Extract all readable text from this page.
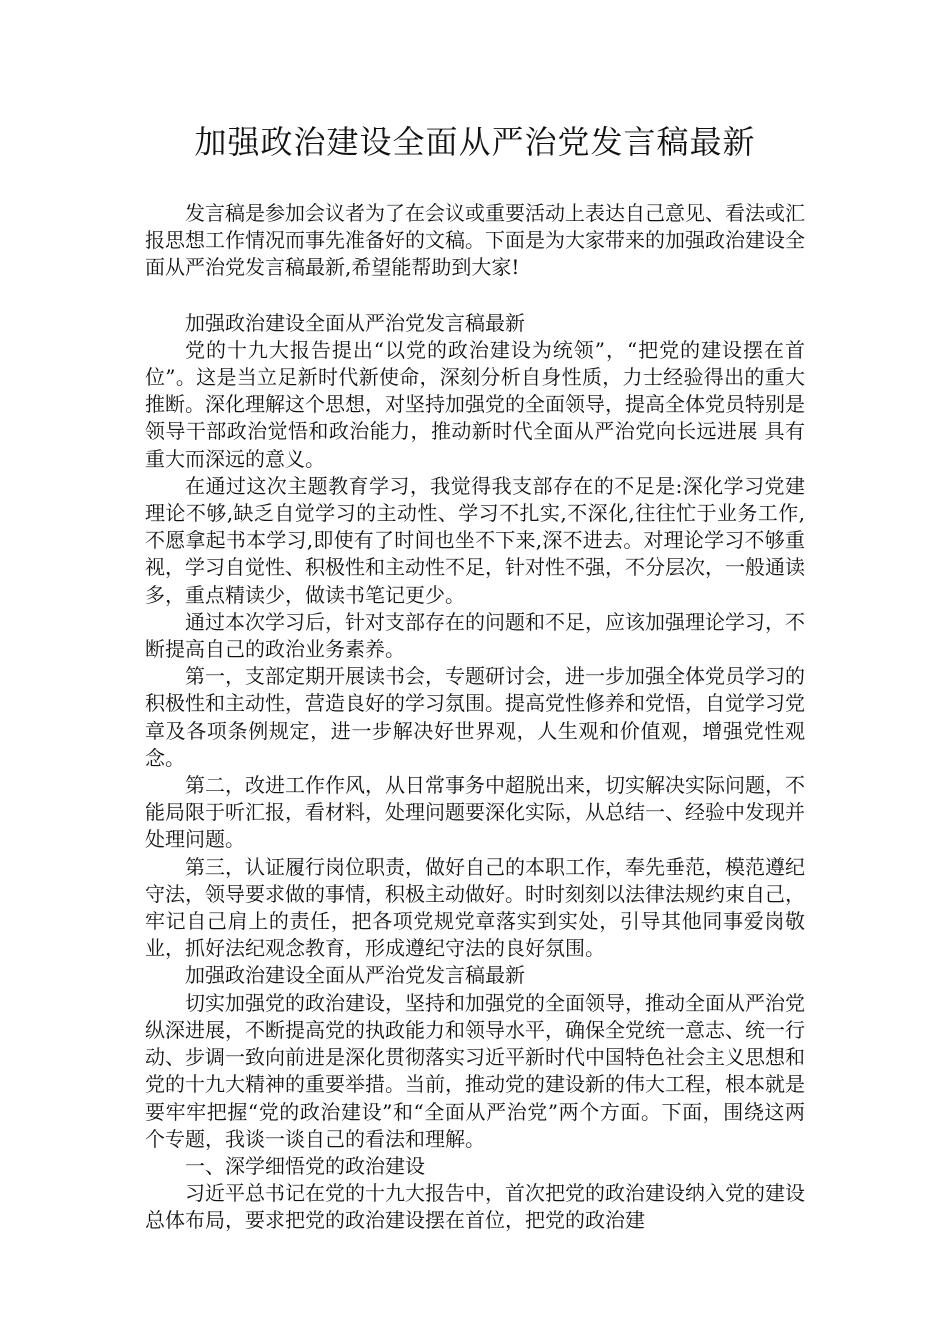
加强政治建设全面从严治党发言稿最新

发言稿是参加会议者为了在会议或重要活动上表达自己意见、看法或汇报思想工作情况而事先准备好的文稿。下面是为大家带来的加强政治建设全面从严治党发言稿最新,希望能帮助到大家!

加强政治建设全面从严治党发言稿最新

党的十九大报告提出“以党的政治建设为统领”，“把党的建设摆在首位”。这是当立足新时代新使命，深刻分析自身性质，力士经验得出的重大推断。深化理解这个思想，对坚持加强党的全面领导，提高全体党员特别是领导干部政治觉悟和政治能力，推动新时代全面从严治党向长远进展 具有重大而深远的意义。

在通过这次主题教育学习，我觉得我支部存在的不足是:深化学习党建理论不够,缺乏自觉学习的主动性、学习不扎实,不深化,往往忙于业务工作,不愿拿起书本学习,即使有了时间也坐不下来,深不进去。对理论学习不够重视，学习自觉性、积极性和主动性不足，针对性不强，不分层次，一般通读多，重点精读少，做读书笔记更少。

通过本次学习后，针对支部存在的问题和不足，应该加强理论学习，不断提高自己的政治业务素养。

第一，支部定期开展读书会，专题研讨会，进一步加强全体党员学习的积极性和主动性，营造良好的学习氛围。提高党性修养和党悟，自觉学习党章及各项条例规定，进一步解决好世界观，人生观和价值观，增强党性观念。

第二，改进工作作风，从日常事务中超脱出来，切实解决实际问题，不能局限于听汇报，看材料，处理问题要深化实际，从总结一、经验中发现并处理问题。

第三，认证履行岗位职责，做好自己的本职工作，奉先垂范，模范遵纪守法，领导要求做的事情，积极主动做好。时时刻刻以法律法规约束自己，牢记自己肩上的责任，把各项党规党章落实到实处，引导其他同事爱岗敬业，抓好法纪观念教育，形成遵纪守法的良好氛围。

加强政治建设全面从严治党发言稿最新

切实加强党的政治建设，坚持和加强党的全面领导，推动全面从严治党纵深进展，不断提高党的执政能力和领导水平，确保全党统一意志、统一行动、步调一致向前进是深化贯彻落实习近平新时代中国特色社会主义思想和党的十九大精神的重要举措。当前，推动党的建设新的伟大工程，根本就是要牢牢把握“党的政治建设”和“全面从严治党”两个方面。下面，围绕这两个专题，我谈一谈自己的看法和理解。

一、深学细悟党的政治建设

习近平总书记在党的十九大报告中，首次把党的政治建设纳入党的建设总体布局，要求把党的政治建设摆在首位，把党的政治建
